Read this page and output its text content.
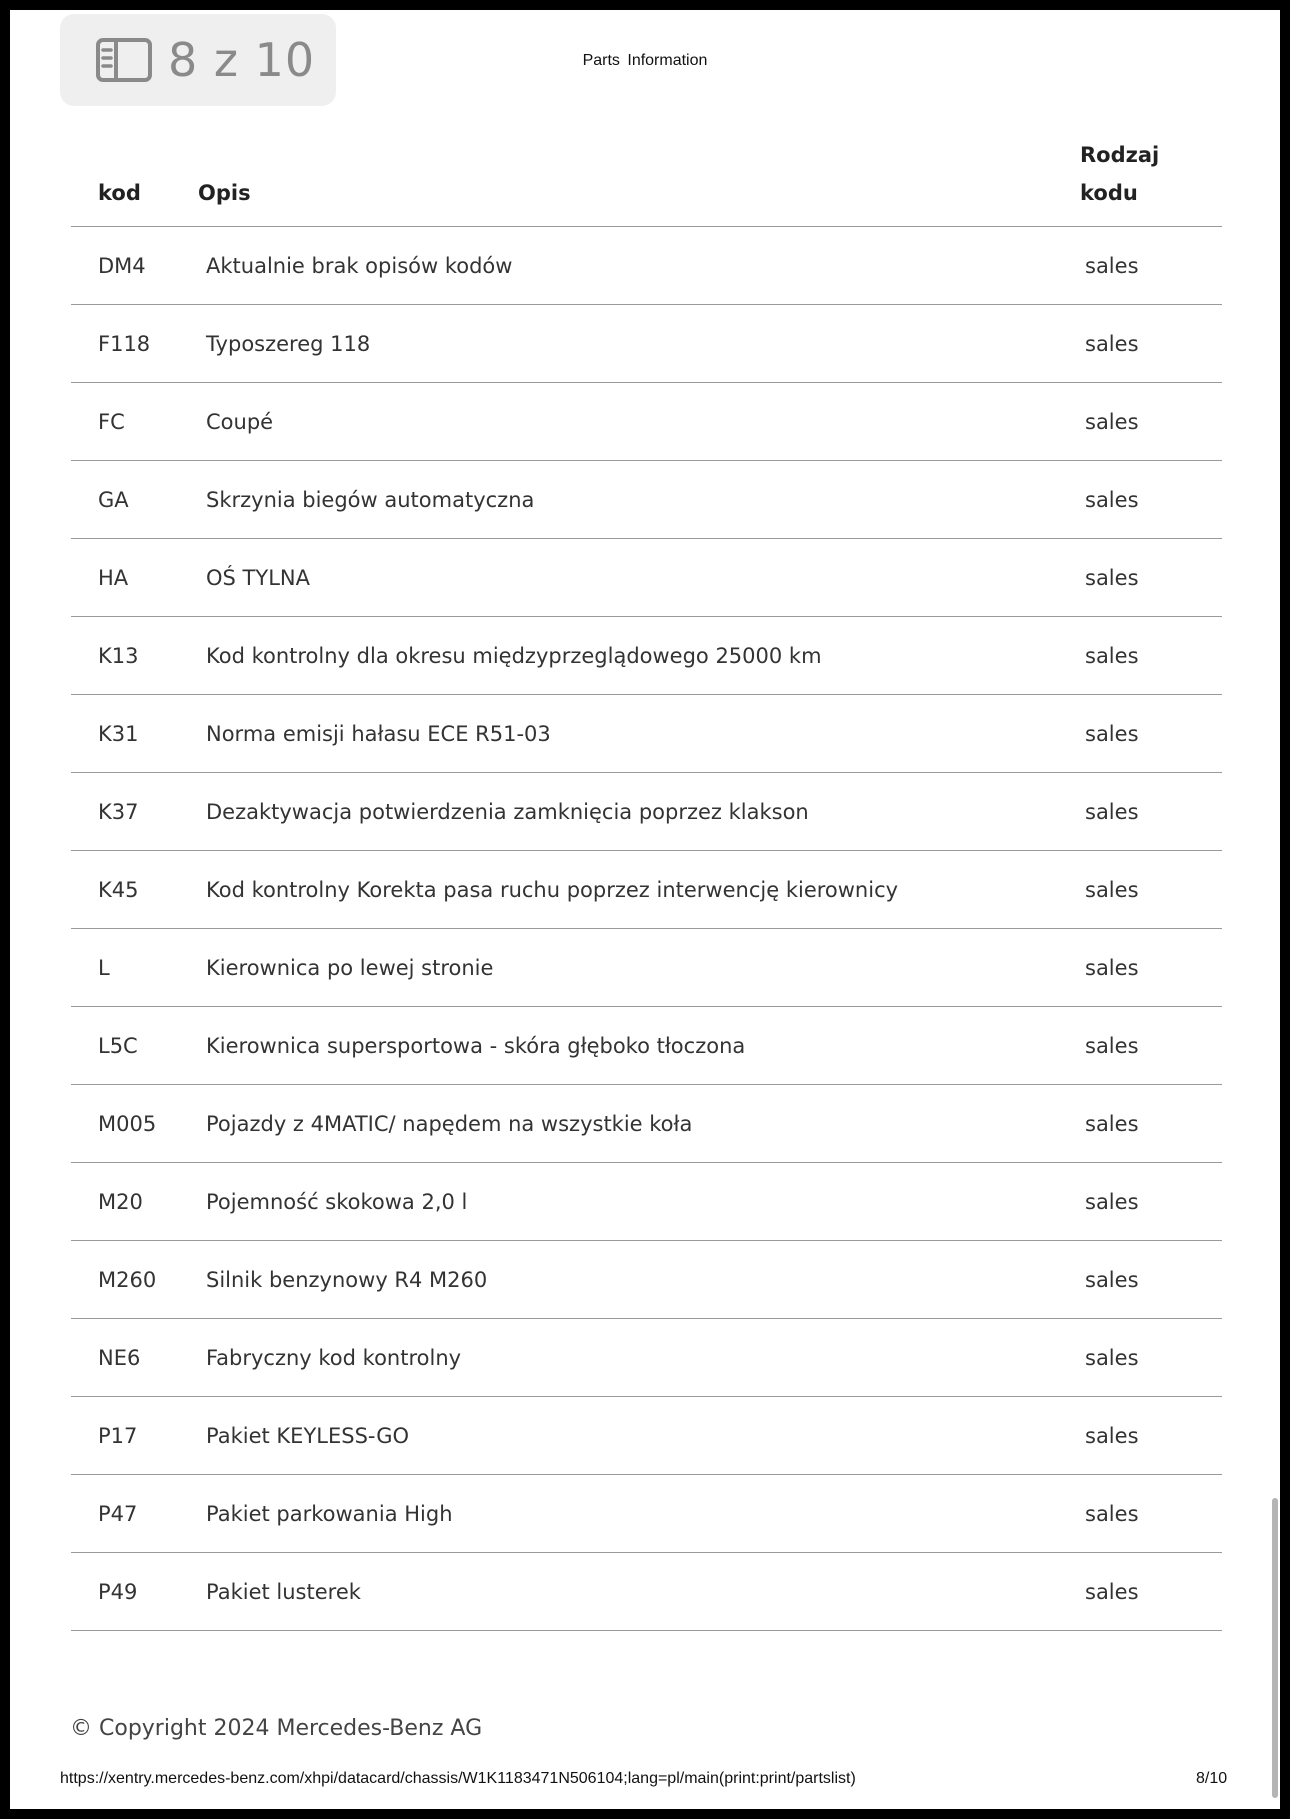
Parts Information
8 z 10
kod	Opis	Rodzaj
kodu
DM4	Aktualnie brak opisów kodów	sales
F118	Typoszereg 118	sales
FC	Coupé	sales
GA	Skrzynia biegów automatyczna	sales
HA	OŚ TYLNA	sales
K13	Kod kontrolny dla okresu międzyprzeglądowego 25000 km	sales
K31	Norma emisji hałasu ECE R51-03	sales
K37	Dezaktywacja potwierdzenia zamknięcia poprzez klakson	sales
K45	Kod kontrolny Korekta pasa ruchu poprzez interwencję kierownicy	sales
L	Kierownica po lewej stronie	sales
L5C	Kierownica supersportowa - skóra głęboko tłoczona	sales
M005	Pojazdy z 4MATIC/ napędem na wszystkie koła	sales
M20	Pojemność skokowa 2,0 l	sales
M260	Silnik benzynowy R4 M260	sales
NE6	Fabryczny kod kontrolny	sales
P17	Pakiet KEYLESS-GO	sales
P47	Pakiet parkowania High	sales
P49	Pakiet lusterek	sales
© Copyright 2024 Mercedes-Benz AG
https://xentry.mercedes-benz.com/xhpi/datacard/chassis/W1K1183471N506104;lang=pl/main(print:print/partslist)	8/10
